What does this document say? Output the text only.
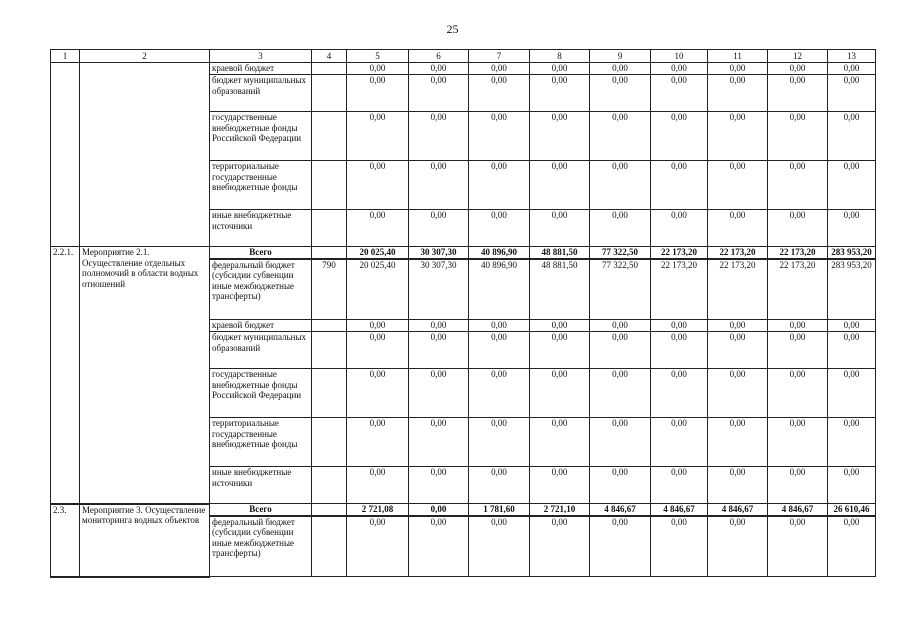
25
1	2	3	4	5	6	7	8	9	10	11	12	13
		краевой бюджет		0,00	0,00	0,00	0,00	0,00	0,00	0,00	0,00	0,00
		бюджет муниципальных образований		0,00	0,00	0,00	0,00	0,00	0,00	0,00	0,00	0,00
		государственные внебюджетные фонды Российской Федерации		0,00	0,00	0,00	0,00	0,00	0,00	0,00	0,00	0,00
		территориальные государственные внебюджетные фонды		0,00	0,00	0,00	0,00	0,00	0,00	0,00	0,00	0,00
		иные внебюджетные источники		0,00	0,00	0,00	0,00	0,00	0,00	0,00	0,00	0,00
2.2.1.	Мероприятие 2.1. Осуществление отдельных полномочий в области водных отношений	Всего		20 025,40	30 307,30	40 896,90	48 881,50	77 322,50	22 173,20	22 173,20	22 173,20	283 953,20
		федеральный бюджет (субсидии субвенции иные межбюджетные трансферты)	790	20 025,40	30 307,30	40 896,90	48 881,50	77 322,50	22 173,20	22 173,20	22 173,20	283 953,20
		краевой бюджет		0,00	0,00	0,00	0,00	0,00	0,00	0,00	0,00	0,00
		бюджет муниципальных образований		0,00	0,00	0,00	0,00	0,00	0,00	0,00	0,00	0,00
		государственные внебюджетные фонды Российской Федерации		0,00	0,00	0,00	0,00	0,00	0,00	0,00	0,00	0,00
		территориальные государственные внебюджетные фонды		0,00	0,00	0,00	0,00	0,00	0,00	0,00	0,00	0,00
		иные внебюджетные источники		0,00	0,00	0,00	0,00	0,00	0,00	0,00	0,00	0,00
2.3.	Мероприятие 3. Осуществление мониторинга водных объектов	Всего		2 721,08	0,00	1 781,60	2 721,10	4 846,67	4 846,67	4 846,67	4 846,67	26 610,46
		федеральный бюджет (субсидии субвенции иные межбюджетные трансферты)		0,00	0,00	0,00	0,00	0,00	0,00	0,00	0,00	0,00
